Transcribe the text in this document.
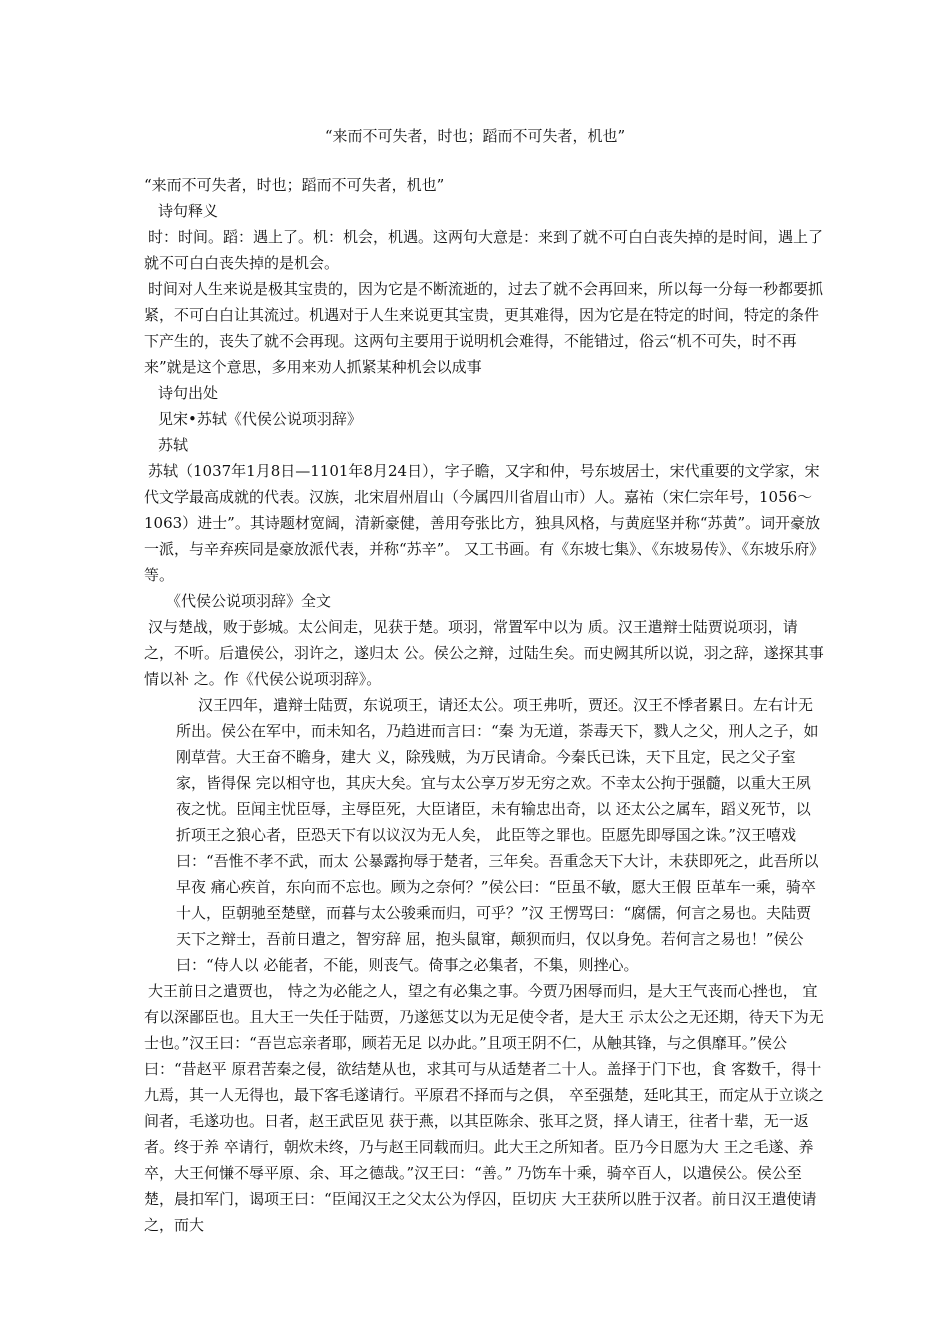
“来而不可失者，时也；蹈而不可失者，机也”

“来而不可失者，时也；蹈而不可失者，机也”

诗句释义

时：时间。蹈：遇上了。机：机会，机遇。这两句大意是：来到了就不可白白丧失掉的是时间，遇上了就不可白白丧失掉的是机会。

时间对人生来说是极其宝贵的，因为它是不断流逝的，过去了就不会再回来，所以每一分每一秒都要抓紧，不可白白让其流过。机遇对于人生来说更其宝贵，更其难得，因为它是在特定的时间，特定的条件下产生的，丧失了就不会再现。这两句主要用于说明机会难得，不能错过，俗云“机不可失，时不再来”就是这个意思，多用来劝人抓紧某种机会以成事

诗句出处

见宋•苏轼《代侯公说项羽辞》

苏轼

苏轼（1037年1月8日—1101年8月24日），字子瞻，又字和仲，号东坡居士，宋代重要的文学家，宋代文学最高成就的代表。汉族，北宋眉州眉山（今属四川省眉山市）人。嘉祐（宋仁宗年号，1056～1063）进士”。其诗题材宽阔，清新豪健，善用夸张比方，独具风格，与黄庭坚并称“苏黄”。词开豪放一派，与辛弃疾同是豪放派代表，并称“苏辛”。 又工书画。有《东坡七集》、《东坡易传》、《东坡乐府》等。

《代侯公说项羽辞》全文

汉与楚战，败于彭城。太公间走，见获于楚。项羽，常置军中以为 质。汉王遣辩士陆贾说项羽，请之，不听。后遣侯公，羽许之，遂归太 公。侯公之辩，过陆生矣。而史阙其所以说，羽之辞，遂探其事情以补 之。作《代侯公说项羽辞》。

汉王四年，遣辩士陆贾，东说项王，请还太公。项王弗听，贾还。汉王不悸者累日。左右计无所出。侯公在军中，而未知名，乃趋进而言曰：“秦 为无道，荼毒天下，戮人之父，刑人之子，如刚草营。大王奋不瞻身，建大 义，除残贼，为万民请命。今秦氏已诛，天下且定，民之父子室家，皆得保 完以相守也，其庆大矣。宜与太公享万岁无穷之欢。不幸太公拘于强髓，以重大王夙夜之忧。臣闻主忧臣辱，主辱臣死，大臣诸臣，未有输忠出奇，以 还太公之属车，蹈义死节，以折项王之狼心者，臣恐天下有以议汉为无人矣， 此臣等之罪也。臣愿先即辱国之诛。”汉王嘻戏曰：“吾惟不孝不武，而太 公暴露拘辱于楚者，三年矣。吾重念天下大计，未获即死之，此吾所以早夜 痛心疾首，东向而不忘也。顾为之奈何？”侯公曰：“臣虽不敏，愿大王假 臣革车一乘，骑卒十人，臣朝驰至楚壁，而暮与太公骏乘而归，可乎？”汉 王愣骂曰：“腐儒，何言之易也。夫陆贾天下之辩士，吾前日遣之，智穷辞 屈，抱头鼠窜，颠狈而归，仅以身免。若何言之易也！”侯公曰：“侍人以 必能者，不能，则丧气。倚事之必集者，不集，则挫心。

大王前日之遣贾也， 恃之为必能之人，望之有必集之事。今贾乃困辱而归，是大王气丧而心挫也， 宜有以深鄙臣也。且大王一失任于陆贾，乃遂惩艾以为无足使令者，是大王 示太公之无还期，待天下为无士也。”汉王曰：“吾岂忘亲者耶，顾若无足 以办此。”且项王阴不仁，从触其锋，与之俱靡耳。”侯公曰：“昔赵平 原君苦秦之侵，欲结楚从也，求其可与从适楚者二十人。盖择于门下也，食 客数千，得十九焉，其一人无得也，最下客毛遂请行。平原君不择而与之俱， 卒至强楚，廷叱其王，而定从于立谈之间者，毛遂功也。日者，赵王武臣见 获于燕，以其臣陈余、张耳之贤，择人请王，往者十辈，无一返者。终于养 卒请行，朝炊未终，乃与赵王同载而归。此大王之所知者。臣乃今日愿为大 王之毛遂、养卒，大王何慊不辱平原、余、耳之德哉。”汉王曰：“善。” 乃饬车十乘，骑卒百人，以遣侯公。侯公至楚，晨扣军门，谒项王曰：“臣闻汉王之父太公为俘囚，臣切庆 大王获所以胜于汉者。前日汉王遣使请之，而大
